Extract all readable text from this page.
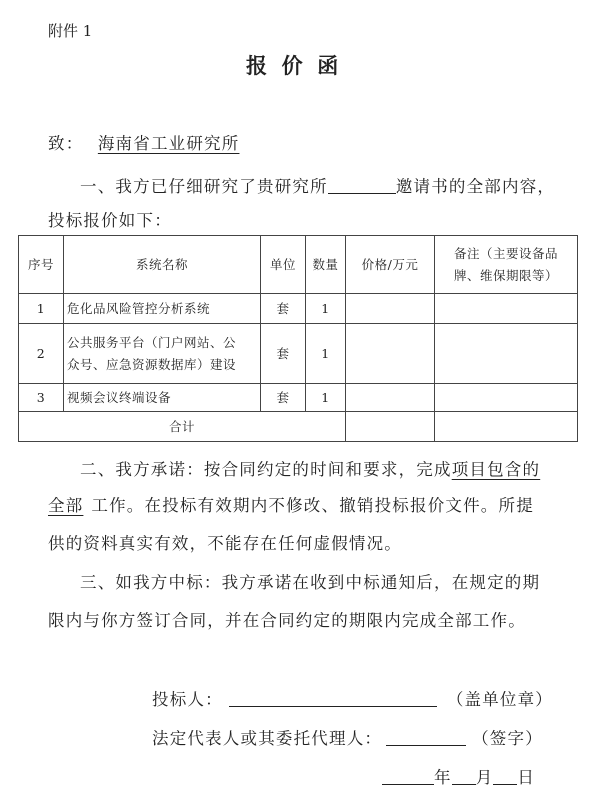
附件 1
报  价  函
致： 海南省工业研究所
一、我方已仔细研究了贵研究所	邀请书的全部内容，
投标报价如下：
序号	系统名称	单位	数量	价格/万元	备注（主要设备品
牌、维保期限等）

1	危化品风险管控分析系统	套	1		
2	公共服务平台（门户网站、公
众号、应急资源数据库）建设	套	1		
3	视频会议终端设备	套	1		
合计					
二、我方承诺：按合同约定的时间和要求，完成项目包含的
全部 工作。在投标有效期内不修改、撤销投标报价文件。所提
供的资料真实有效，不能存在任何虚假情况。
三、如我方中标：我方承诺在收到中标通知后，在规定的期
限内与你方签订合同，并在合同约定的期限内完成全部工作。
投标人：	（盖单位章）
法定代表人或其委托代理人：	（签字）
年 月 日
